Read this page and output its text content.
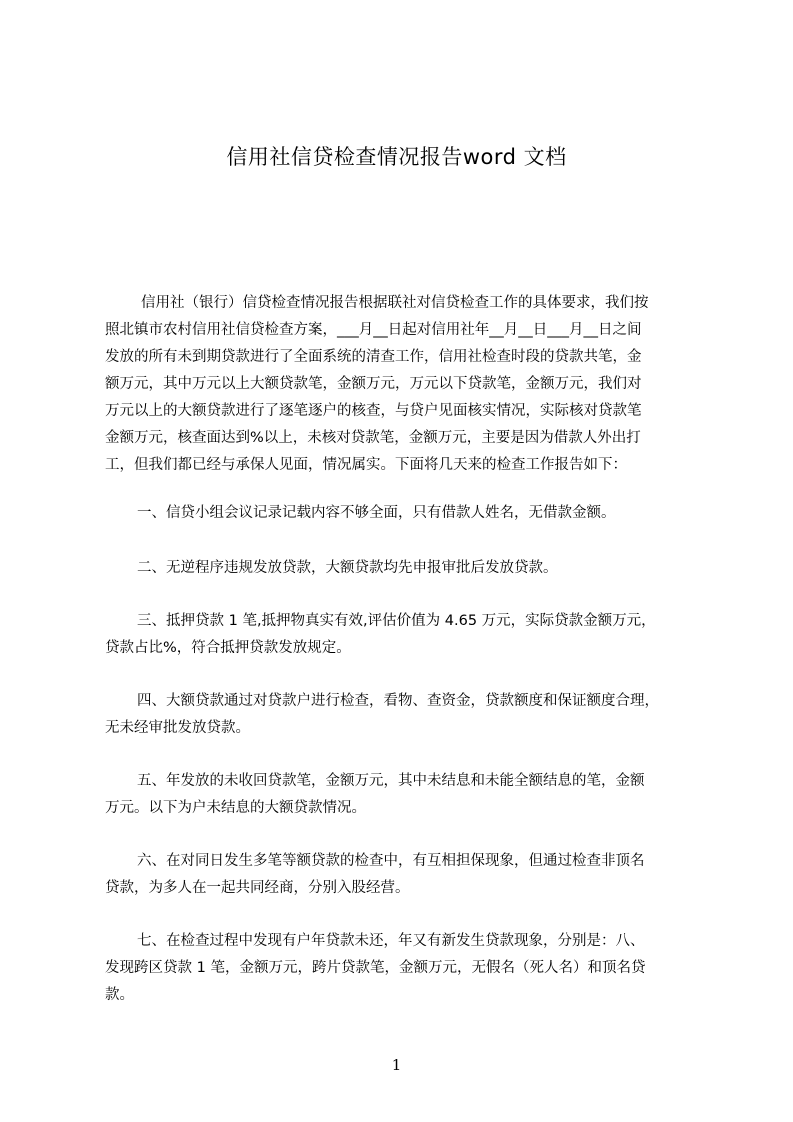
信用社信贷检查情况报告word 文档
信用社（银行）信贷检查情况报告根据联社对信贷检查工作的具体要求，我们按
照北镇市农村信用社信贷检查方案，___月__日起对信用社年__月__日___月__日之间
发放的所有未到期贷款进行了全面系统的清查工作，信用社检查时段的贷款共笔，金
额万元，其中万元以上大额贷款笔，金额万元，万元以下贷款笔，金额万元，我们对
万元以上的大额贷款进行了逐笔逐户的核查，与贷户见面核实情况，实际核对贷款笔
金额万元，核查面达到%以上，未核对贷款笔，金额万元，主要是因为借款人外出打
工，但我们都已经与承保人见面，情况属实。下面将几天来的检查工作报告如下：
一、信贷小组会议记录记载内容不够全面，只有借款人姓名，无借款金额。
二、无逆程序违规发放贷款，大额贷款均先申报审批后发放贷款。
三、抵押贷款 1 笔,抵押物真实有效,评估价值为 4.65 万元，实际贷款金额万元，
贷款占比%，符合抵押贷款发放规定。
四、大额贷款通过对贷款户进行检查，看物、查资金，贷款额度和保证额度合理，
无未经审批发放贷款。
五、年发放的未收回贷款笔，金额万元，其中未结息和未能全额结息的笔，金额
万元。以下为户未结息的大额贷款情况。
六、在对同日发生多笔等额贷款的检查中，有互相担保现象，但通过检查非顶名
贷款，为多人在一起共同经商，分别入股经营。
七、在检查过程中发现有户年贷款未还，年又有新发生贷款现象，分别是：八、
发现跨区贷款 1 笔，金额万元，跨片贷款笔，金额万元，无假名（死人名）和顶名贷
款。
1
